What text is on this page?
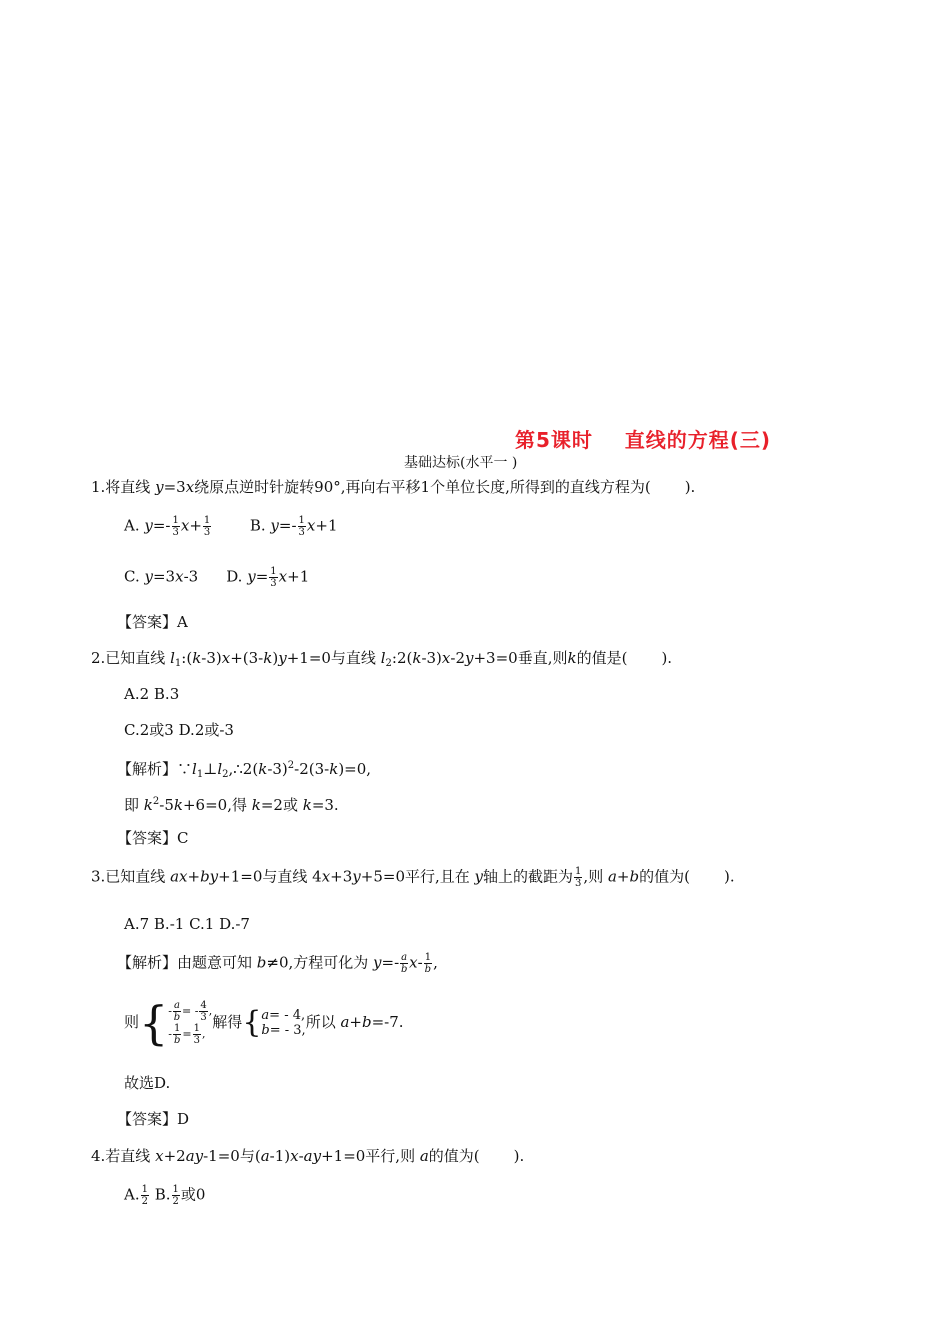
第5课时    直线的方程(三)
基础达标(水平一 )
1.将直线 y=3x绕原点逆时针旋转90°,再向右平移1个单位长度,所得到的直线方程为( ).
A. $y=- \frac{1}{3} x+ \frac{1}{3} B$. $y=- \frac{1}{3} x+1$
C. y=3x-3 D. $y= \frac{1}{3} x+1$
【答案】A
2.已知直线 $l_1:(k-3)x+(3-k)y+1=0$与直线 $l_2:2(k-3)x-2y+3=0$垂直,则k的值是( ).
A.2 B.3
C.2或3 D.2或-3
【解析】$\because l_1\perp l_2,\therefore 2(k-3)^2-2(3-k)=0$,
即 $k^2-5k+6=0$,得 k=2或 k=3.
【答案】C
3.已知直线 ax+by+1=0与直线 4x+3y+5=0平行,且在 y轴上的截距为 $\frac{1}{3}$ ,则 a+b的值为( ).
A.7 B.-1 C.1 D.-7
【解析】由题意可知 b≠0,方程可化为 $y=- \frac{a}{b} x- \frac{1}{b}$ ,
则{- $\frac{a}{b}$ = - $\frac{4}{3}$ ,
- $\frac{1}{b} = \frac{1}{3}$ ,解得{a= - 4,
b= - 3,所以 a+b=-7.
故选D.
【答案】D
4.若直线 x+2ay-1=0与(a-1)x-ay+1=0平行,则 a的值为( ).
A. $\frac{1}{2} B$. $\frac{1}{2}$ 或0
